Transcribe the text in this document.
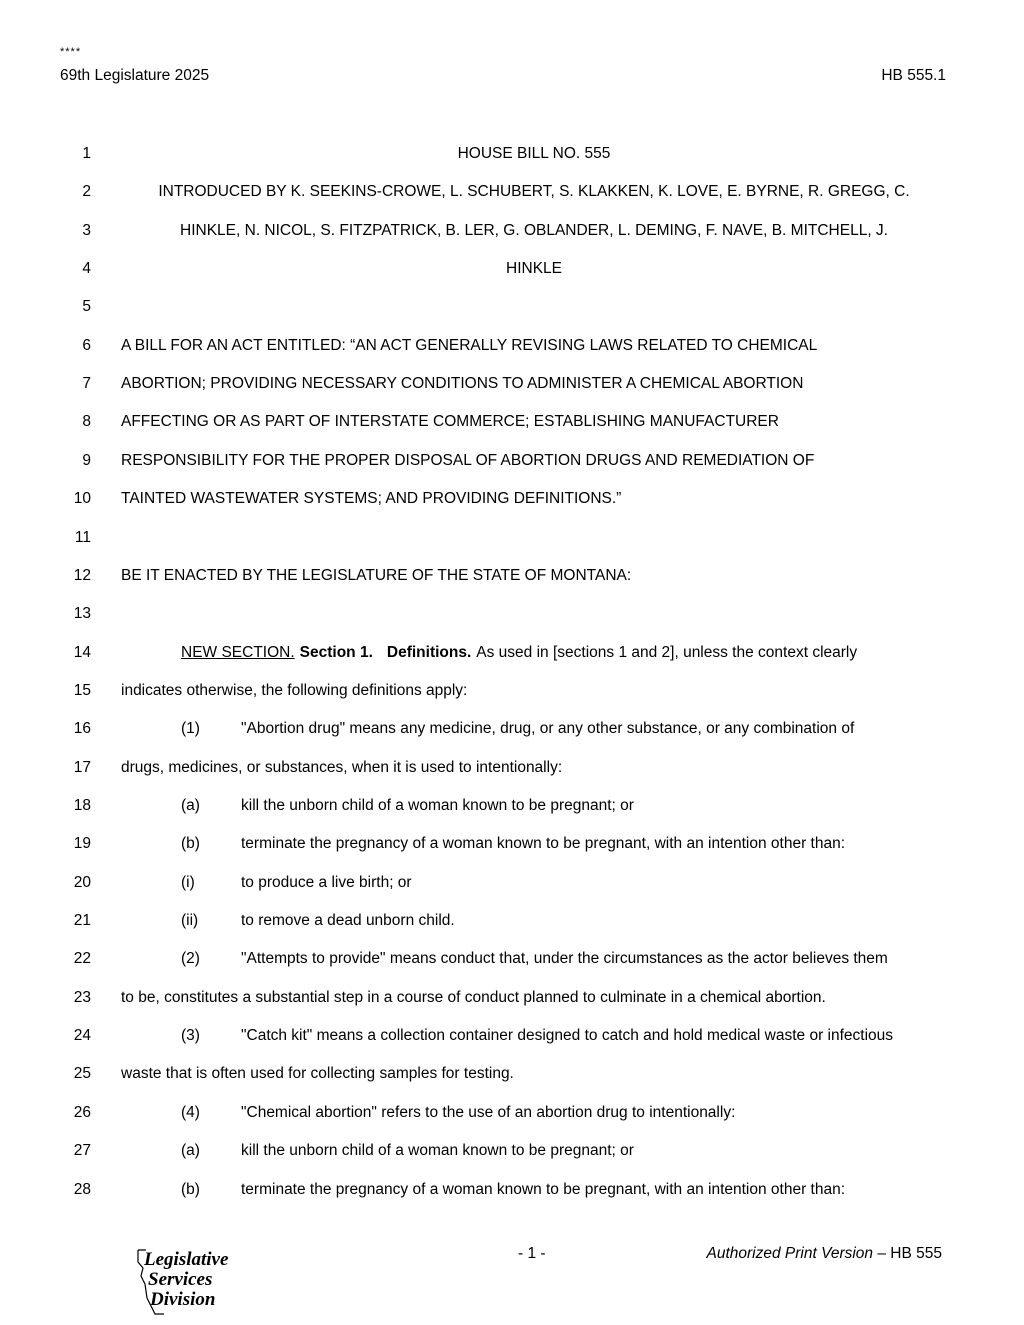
****
69th Legislature 2025	HB 555.1
1	HOUSE BILL NO. 555
2	INTRODUCED BY K. SEEKINS-CROWE, L. SCHUBERT, S. KLAKKEN, K. LOVE, E. BYRNE, R. GREGG, C.
3	HINKLE, N. NICOL, S. FITZPATRICK, B. LER, G. OBLANDER, L. DEMING, F. NAVE, B. MITCHELL, J.
4	HINKLE
5
6 A BILL FOR AN ACT ENTITLED: “AN ACT GENERALLY REVISING LAWS RELATED TO CHEMICAL
7 ABORTION; PROVIDING NECESSARY CONDITIONS TO ADMINISTER A CHEMICAL ABORTION
8 AFFECTING OR AS PART OF INTERSTATE COMMERCE; ESTABLISHING MANUFACTURER
9 RESPONSIBILITY FOR THE PROPER DISPOSAL OF ABORTION DRUGS AND REMEDIATION OF
10 TAINTED WASTEWATER SYSTEMS; AND PROVIDING DEFINITIONS.”
11
12 BE IT ENACTED BY THE LEGISLATURE OF THE STATE OF MONTANA:
13
14	NEW SECTION. Section 1. Definitions. As used in [sections 1 and 2], unless the context clearly
15 indicates otherwise, the following definitions apply:
16	(1)	"Abortion drug" means any medicine, drug, or any other substance, or any combination of
17 drugs, medicines, or substances, when it is used to intentionally:
18	(a)	kill the unborn child of a woman known to be pregnant; or
19	(b)	terminate the pregnancy of a woman known to be pregnant, with an intention other than:
20	(i)	to produce a live birth; or
21	(ii)	to remove a dead unborn child.
22	(2)	"Attempts to provide" means conduct that, under the circumstances as the actor believes them
23 to be, constitutes a substantial step in a course of conduct planned to culminate in a chemical abortion.
24	(3)	"Catch kit" means a collection container designed to catch and hold medical waste or infectious
25 waste that is often used for collecting samples for testing.
26	(4)	"Chemical abortion" refers to the use of an abortion drug to intentionally:
27	(a)	kill the unborn child of a woman known to be pregnant; or
28	(b)	terminate the pregnancy of a woman known to be pregnant, with an intention other than:
Legislative
Services
Division
- 1 -	Authorized Print Version – HB 555
